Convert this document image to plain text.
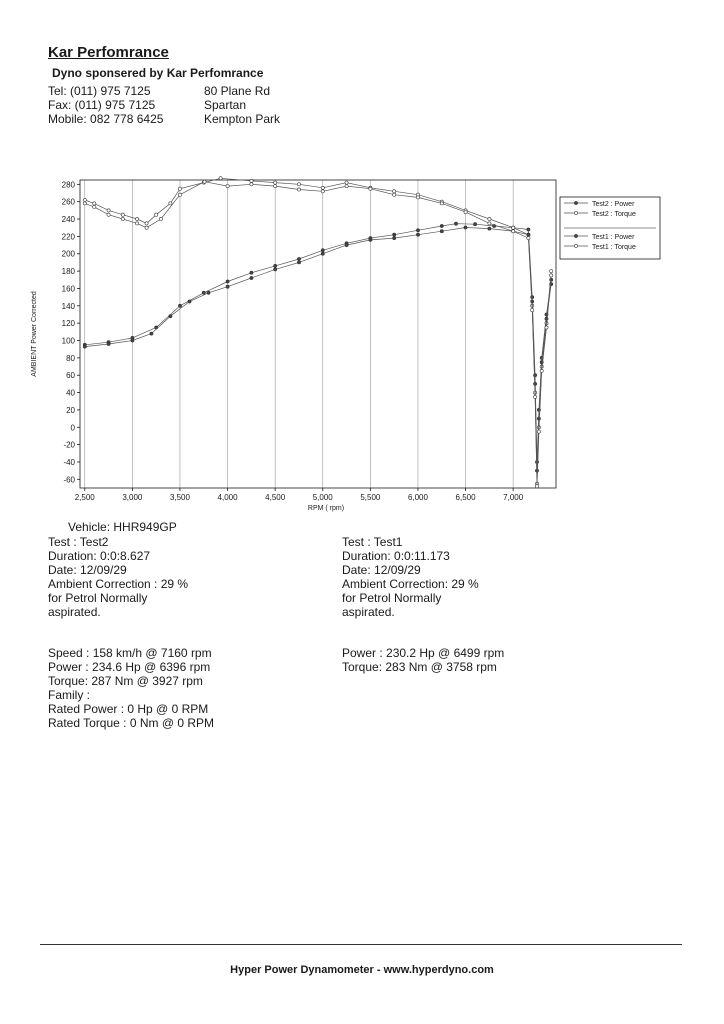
Kar Perfomrance
Dyno sponsered by Kar Perfomrance
Tel: (011) 975 7125
Fax: (011) 975 7125
Mobile: 082 778 6425
80 Plane Rd
Spartan
Kempton Park
-60
-40
-20
0
20
40
60
80
100
120
140
160
180
200
220
240
260
280
2,500	3,000	3,500	4,000	4,500	5,000	5,500	6,000	6,500	7,000
RPM ( rpm)
AMBIENT Power Corrected
Test2 : Power
Test2 : Torque
Test1 : Power
Test1 : Torque
Vehicle: HHR949GP
Test : Test2
Duration: 0:0:8.627
Date: 12/09/29
Ambient Correction : 29 %
for Petrol Normally
aspirated.
Test : Test1
Duration: 0:0:11.173
Date: 12/09/29
Ambient Correction: 29 %
for Petrol Normally
aspirated.
Speed : 158 km/h @ 7160 rpm
Power : 234.6 Hp @ 6396 rpm
Torque: 287 Nm @ 3927 rpm
Family :
Rated Power : 0 Hp @ 0 RPM
Rated Torque : 0 Nm @ 0 RPM
Power : 230.2 Hp @ 6499 rpm
Torque: 283 Nm @ 3758 rpm
Hyper Power Dynamometer - www.hyperdyno.com
